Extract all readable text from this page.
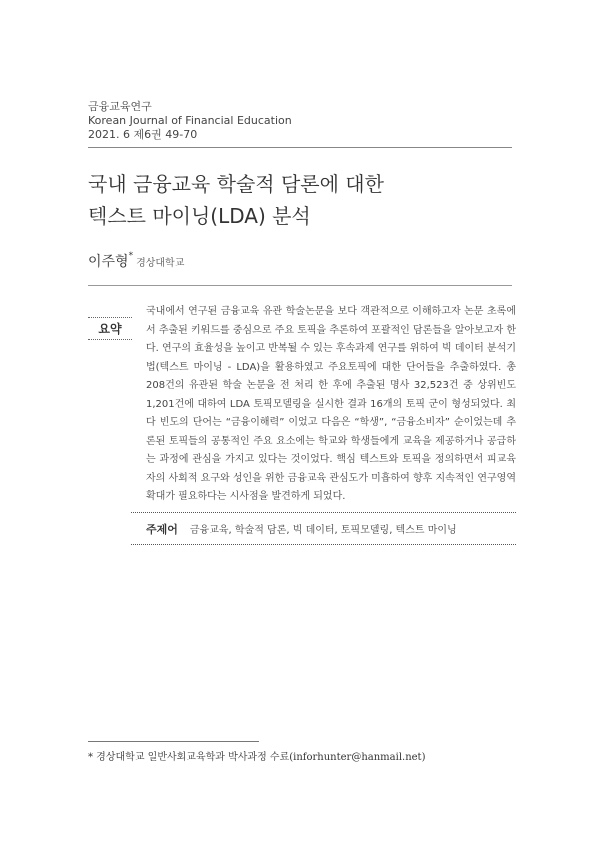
금융교육연구
Korean Journal of Financial Education
2021. 6 제6권 49-70
국내 금융교육 학술적 담론에 대한
텍스트 마이닝(LDA) 분석
이주형*경상대학교
요약
국내에서 연구된 금융교육 유관 학술논문을 보다 객관적으로 이해하고자 논문 초록에서 추출된 키워드를 중심으로 주요 토픽을 추론하여 포괄적인 담론들을 알아보고자 한다. 연구의 효율성을 높이고 반복될 수 있는 후속과제 연구를 위하여 빅 데이터 분석기법(텍스트 마이닝 - LDA)을 활용하였고 주요토픽에 대한 단어들을 추출하였다. 총 208건의 유관된 학술 논문을 전 처리 한 후에 추출된 명사 32,523건 중 상위빈도 1,201건에 대하여 LDA 토픽모델링을 실시한 결과 16개의 토픽 군이 형성되었다. 최다 빈도의 단어는 “금융이해력” 이었고 다음은 “학생”, “금융소비자” 순이었는데 추론된 토픽들의 공통적인 주요 요소에는 학교와 학생들에게 교육을 제공하거나 공급하는 과정에 관심을 가지고 있다는 것이었다. 핵심 텍스트와 토픽을 정의하면서 피교육자의 사회적 요구와 성인을 위한 금융교육 관심도가 미흡하여 향후 지속적인 연구영역 확대가 필요하다는 시사점을 발견하게 되었다.
주제어 금융교육, 학술적 담론, 빅 데이터, 토픽모델링, 텍스트 마이닝
* 경상대학교 일반사회교육학과 박사과정 수료(inforhunter@hanmail.net)
